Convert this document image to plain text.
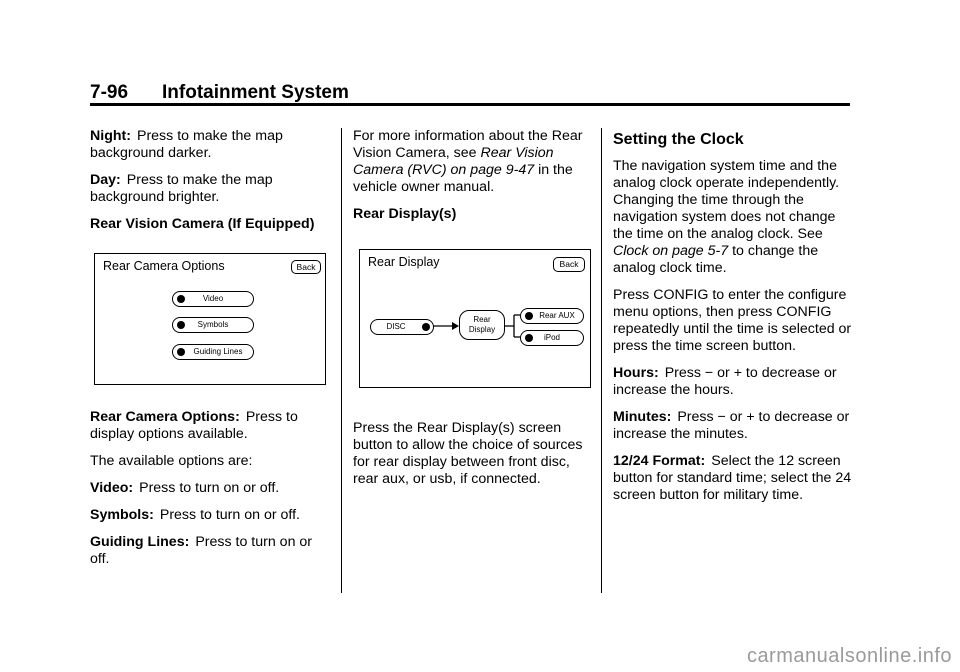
7-96 Infotainment System

Night: Press to make the map background darker.

Day: Press to make the map background brighter.

Rear Vision Camera (If Equipped)

Rear Camera Options	Back
Video
Symbols
Guiding Lines

Rear Camera Options: Press to display options available.

The available options are:

Video: Press to turn on or off.

Symbols: Press to turn on or off.

Guiding Lines: Press to turn on or off.

For more information about the Rear Vision Camera, see Rear Vision Camera (RVC) on page 9-47 in the vehicle owner manual.

Rear Display(s)

Rear Display	Back
DISC
Rear
Display
Rear AUX
iPod

Press the Rear Display(s) screen button to allow the choice of sources for rear display between front disc, rear aux, or usb, if connected.

Setting the Clock

The navigation system time and the analog clock operate independently. Changing the time through the navigation system does not change the time on the analog clock. See Clock on page 5-7 to change the analog clock time.

Press CONFIG to enter the configure menu options, then press CONFIG repeatedly until the time is selected or press the time screen button.

Hours: Press − or + to decrease or increase the hours.

Minutes: Press − or + to decrease or increase the minutes.

12/24 Format: Select the 12 screen button for standard time; select the 24 screen button for military time.

carmanualsonline.info
